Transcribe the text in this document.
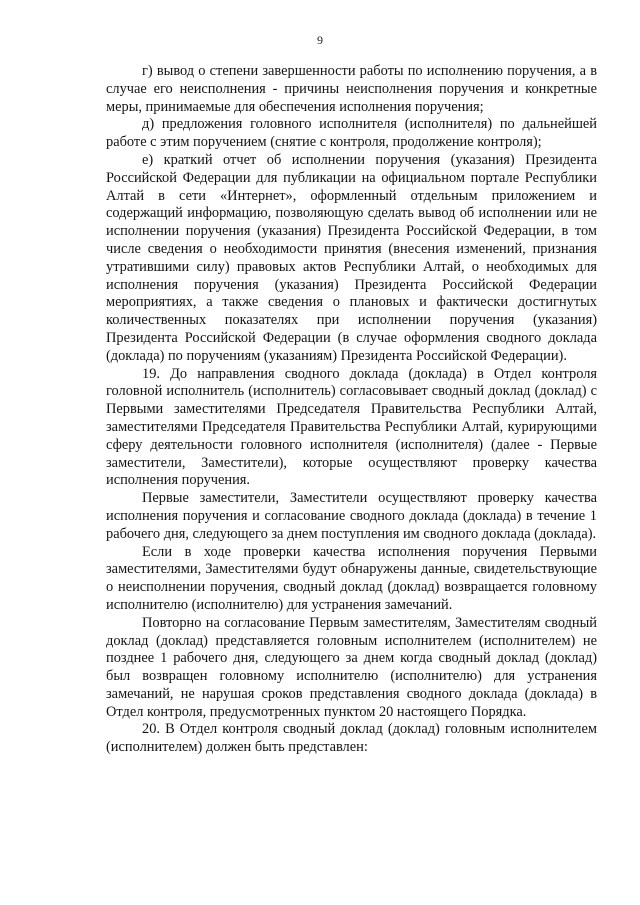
9

г) вывод о степени завершенности работы по исполнению поручения, а в случае его неисполнения - причины неисполнения поручения и конкретные меры, принимаемые для обеспечения исполнения поручения;

д) предложения головного исполнителя (исполнителя) по дальнейшей работе с этим поручением (снятие с контроля, продолжение контроля);

е) краткий отчет об исполнении поручения (указания) Президента Российской Федерации для публикации на официальном портале Республики Алтай в сети «Интернет», оформленный отдельным приложением и содержащий информацию, позволяющую сделать вывод об исполнении или не исполнении поручения (указания) Президента Российской Федерации, в том числе сведения о необходимости принятия (внесения изменений, признания утратившими силу) правовых актов Республики Алтай, о необходимых для исполнения поручения (указания) Президента Российской Федерации мероприятиях, а также сведения о плановых и фактически достигнутых количественных показателях при исполнении поручения (указания) Президента Российской Федерации (в случае оформления сводного доклада (доклада) по поручениям (указаниям) Президента Российской Федерации).

19. До направления сводного доклада (доклада) в Отдел контроля головной исполнитель (исполнитель) согласовывает сводный доклад (доклад) с Первыми заместителями Председателя Правительства Республики Алтай, заместителями Председателя Правительства Республики Алтай, курирующими сферу деятельности головного исполнителя (исполнителя) (далее - Первые заместители, Заместители), которые осуществляют проверку качества исполнения поручения.

Первые заместители, Заместители осуществляют проверку качества исполнения поручения и согласование сводного доклада (доклада) в течение 1 рабочего дня, следующего за днем поступления им сводного доклада (доклада).

Если в ходе проверки качества исполнения поручения Первыми заместителями, Заместителями будут обнаружены данные, свидетельствующие о неисполнении поручения, сводный доклад (доклад) возвращается головному исполнителю (исполнителю) для устранения замечаний.

Повторно на согласование Первым заместителям, Заместителям сводный доклад (доклад) представляется головным исполнителем (исполнителем) не позднее 1 рабочего дня, следующего за днем когда сводный доклад (доклад) был возвращен головному исполнителю (исполнителю) для устранения замечаний, не нарушая сроков представления сводного доклада (доклада) в Отдел контроля, предусмотренных пунктом 20 настоящего Порядка.

20. В Отдел контроля сводный доклад (доклад) головным исполнителем (исполнителем) должен быть представлен:
